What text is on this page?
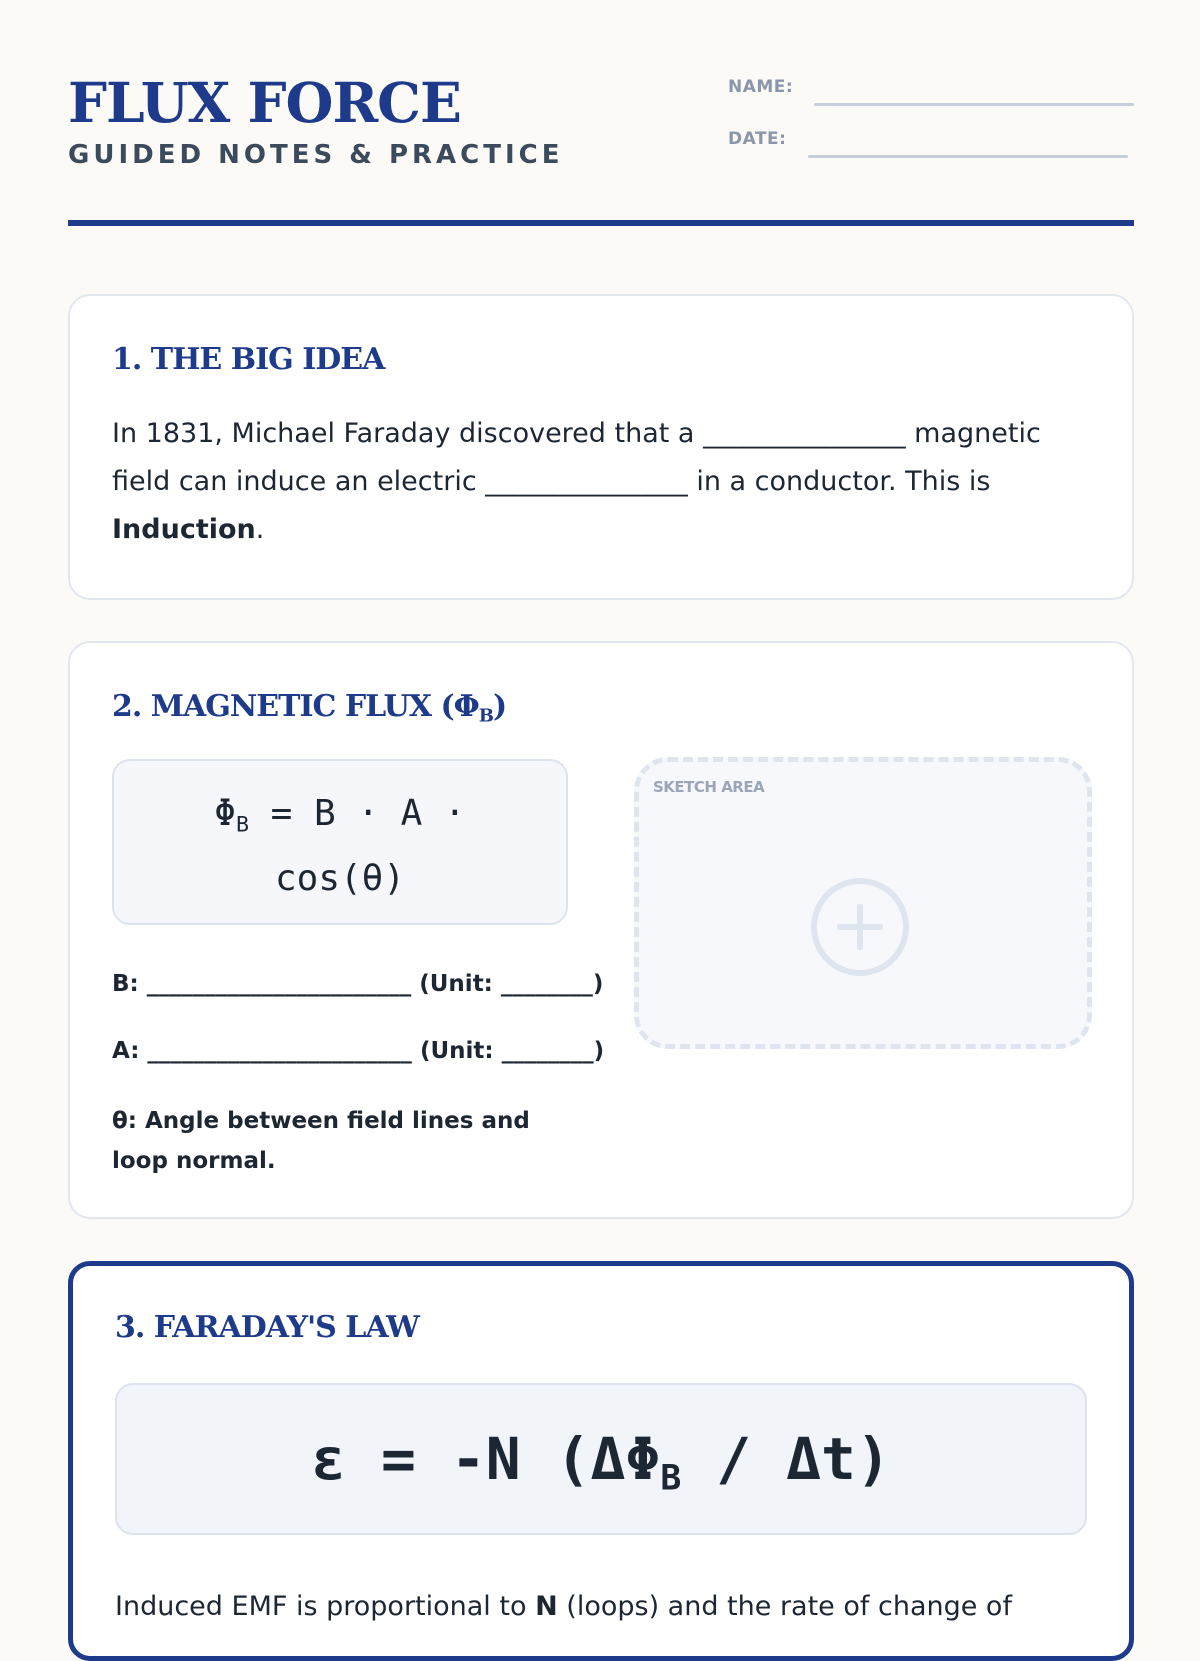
FLUX FORCE
GUIDED NOTES & PRACTICE
NAME:
DATE:
1. THE BIG IDEA
In 1831, Michael Faraday discovered that a _______________ magnetic field can induce an electric _______________ in a conductor. This is Induction.
2. MAGNETIC FLUX $(\Phi_B)$
$\Phi_B = B \cdot A$ ·
cos(θ)
B: _______________________ (Unit: ________)
A: _______________________ (Unit: ________)
SKETCH AREA
θ: Angle between field lines and loop normal.
3. FARADAY'S LAW
ε = -N $(\Delta\Phi_B / \Delta t)$
Induced EMF is proportional to N (loops) and the rate of change of
